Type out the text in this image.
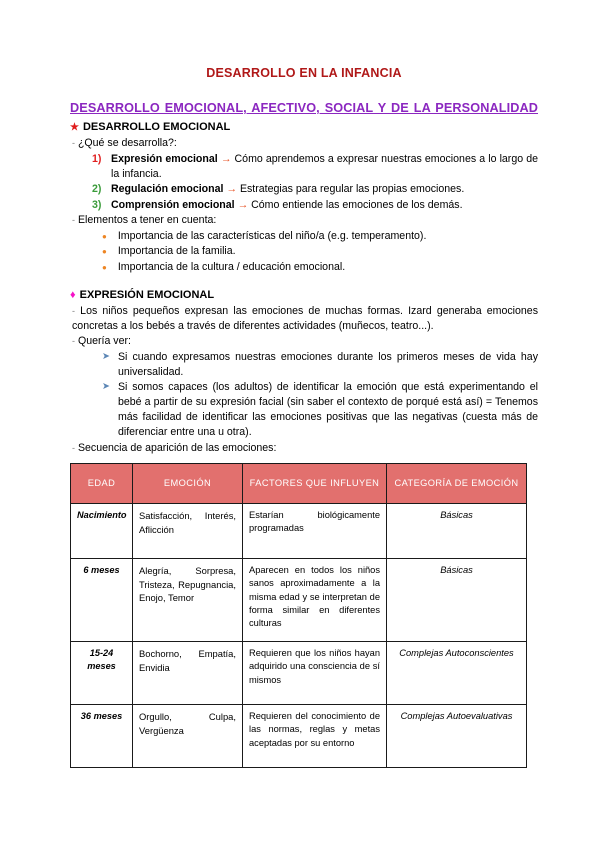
DESARROLLO EN LA INFANCIA
DESARROLLO EMOCIONAL, AFECTIVO, SOCIAL Y DE LA PERSONALIDAD
★ DESARROLLO EMOCIONAL
- ¿Qué se desarrolla?:
1) Expresión emocional → Cómo aprendemos a expresar nuestras emociones a lo largo de la infancia.
2) Regulación emocional → Estrategias para regular las propias emociones.
3) Comprensión emocional → Cómo entiende las emociones de los demás.
- Elementos a tener en cuenta:
● Importancia de las características del niño/a (e.g. temperamento).
● Importancia de la familia.
● Importancia de la cultura / educación emocional.
♦ EXPRESIÓN EMOCIONAL
- Los niños pequeños expresan las emociones de muchas formas. Izard generaba emociones concretas a los bebés a través de diferentes actividades (muñecos, teatro...).
- Quería ver:
➤ Si cuando expresamos nuestras emociones durante los primeros meses de vida hay universalidad.
➤ Si somos capaces (los adultos) de identificar la emoción que está experimentando el bebé a partir de su expresión facial (sin saber el contexto de porqué está así) = Tenemos más facilidad de identificar las emociones positivas que las negativas (cuesta más de diferenciar entre una u otra).
- Secuencia de aparición de las emociones:
EDAD	EMOCIÓN	FACTORES QUE INFLUYEN	CATEGORÍA DE EMOCIÓN
Nacimiento	Satisfacción, Interés, Aflicción	Estarían biológicamente programadas	Básicas
6 meses	Alegría, Sorpresa, Tristeza, Repugnancia, Enojo, Temor	Aparecen en todos los niños sanos aproximadamente a la misma edad y se interpretan de forma similar en diferentes culturas	Básicas
15-24 meses	Bochorno, Empatía, Envidia	Requieren que los niños hayan adquirido una consciencia de sí mismos	Complejas Autoconscientes
36 meses	Orgullo, Culpa, Vergüenza	Requieren del conocimiento de las normas, reglas y metas aceptadas por su entorno	Complejas Autoevaluativas
